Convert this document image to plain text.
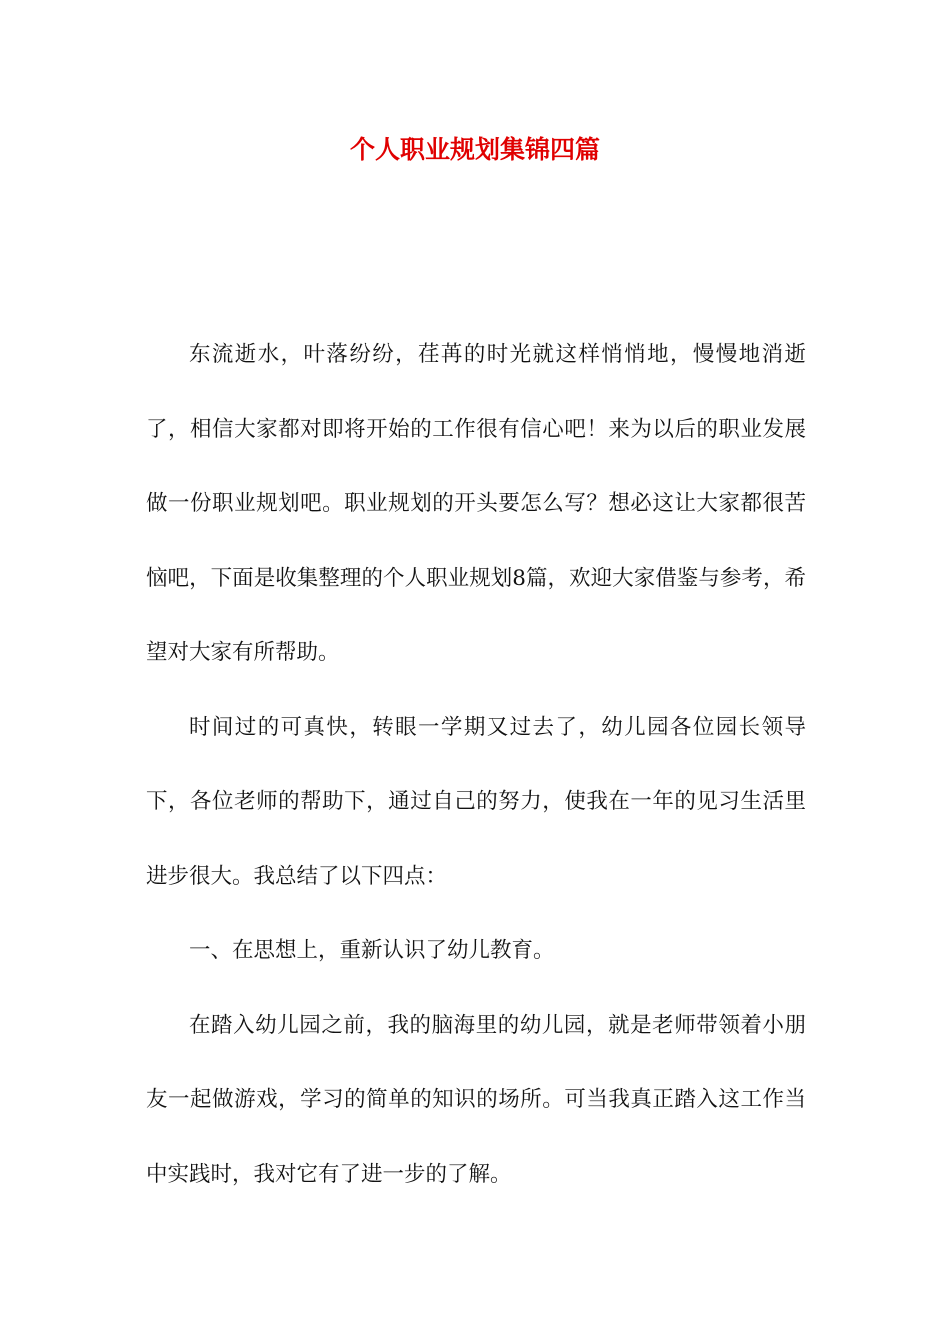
个人职业规划集锦四篇

东流逝水，叶落纷纷，荏苒的时光就这样悄悄地，慢慢地消逝了，相信大家都对即将开始的工作很有信心吧！来为以后的职业发展做一份职业规划吧。职业规划的开头要怎么写？想必这让大家都很苦恼吧，下面是收集整理的个人职业规划8篇，欢迎大家借鉴与参考，希望对大家有所帮助。

时间过的可真快，转眼一学期又过去了，幼儿园各位园长领导下，各位老师的帮助下，通过自己的努力，使我在一年的见习生活里进步很大。我总结了以下四点：

一、在思想上，重新认识了幼儿教育。

在踏入幼儿园之前，我的脑海里的幼儿园，就是老师带领着小朋友一起做游戏，学习的简单的知识的场所。可当我真正踏入这工作当中实践时，我对它有了进一步的了解。
